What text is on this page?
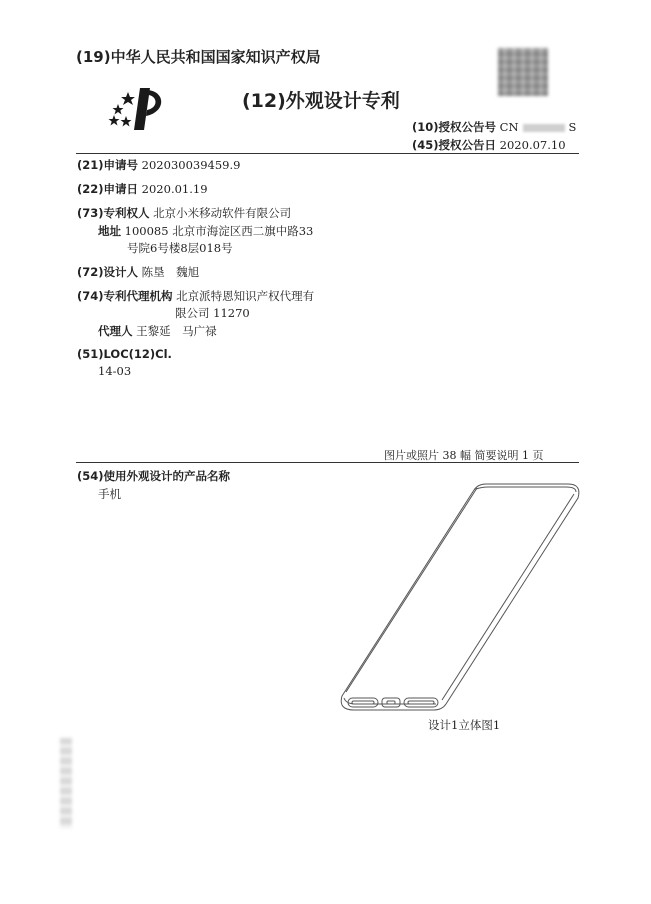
(19)中华人民共和国国家知识产权局
(12)外观设计专利
(10)授权公告号 CN	S
(45)授权公告日 2020.07.10
(21)申请号 202030039459.9
(22)申请日 2020.01.19
(73)专利权人 北京小米移动软件有限公司
地址 100085 北京市海淀区西二旗中路33
号院6号楼8层018号
(72)设计人 陈垦　魏旭
(74)专利代理机构 北京派特恩知识产权代理有
限公司 11270
代理人 王黎延　马广禄
(51)LOC(12)Cl.
14-03
图片或照片 38 幅 简要说明 1 页
(54)使用外观设计的产品名称
手机
设计1立体图1
